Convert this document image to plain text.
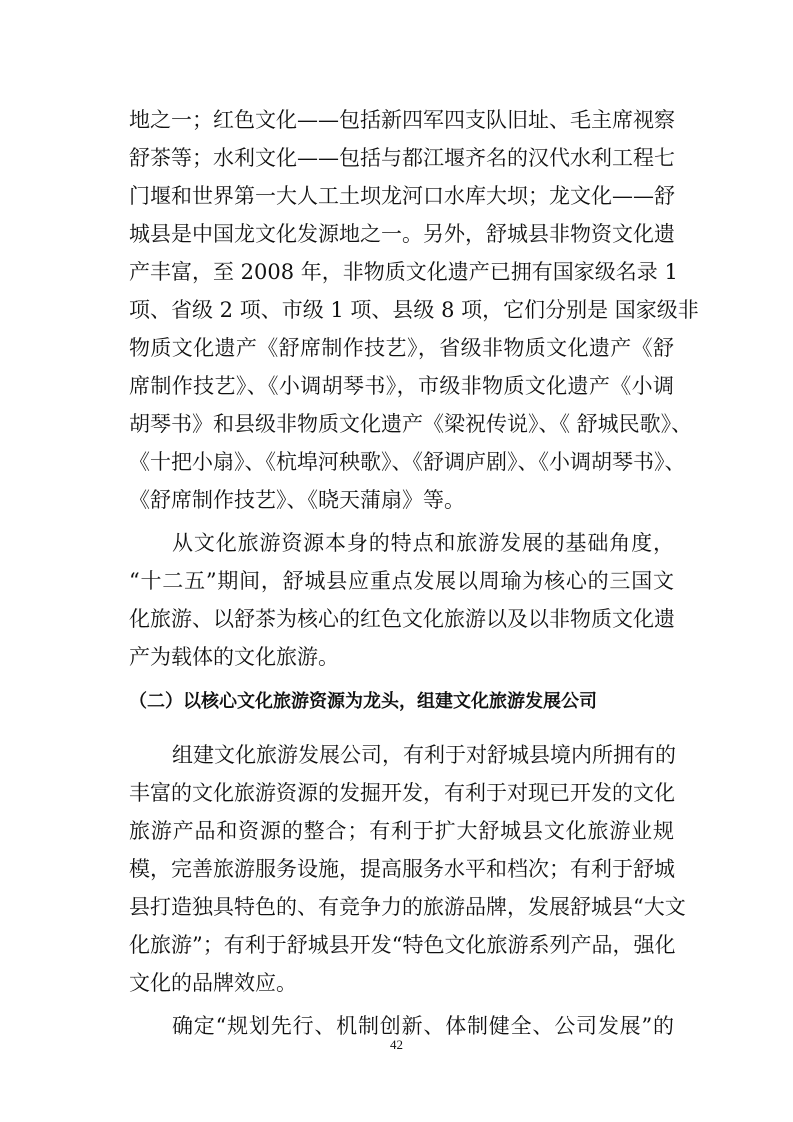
地之一；红色文化——包括新四军四支队旧址、毛主席视察
舒茶等；水利文化——包括与都江堰齐名的汉代水利工程七
门堰和世界第一大人工土坝龙河口水库大坝；龙文化——舒
城县是中国龙文化发源地之一。另外，舒城县非物资文化遗
产丰富，至 2008 年，非物质文化遗产已拥有国家级名录 1
项、省级 2 项、市级 1 项、县级 8 项，它们分别是 国家级非
物质文化遗产《舒席制作技艺》，省级非物质文化遗产《舒
席制作技艺》、《小调胡琴书》，市级非物质文化遗产《小调
胡琴书》和县级非物质文化遗产《梁祝传说》、《 舒城民歌》、
《十把小扇》、《杭埠河秧歌》、《舒调庐剧》、《小调胡琴书》、
《舒席制作技艺》、《晓天蒲扇》等。
从文化旅游资源本身的特点和旅游发展的基础角度，
“十二五”期间，舒城县应重点发展以周瑜为核心的三国文
化旅游、以舒茶为核心的红色文化旅游以及以非物质文化遗
产为载体的文化旅游。
（二）以核心文化旅游资源为龙头，组建文化旅游发展公司
组建文化旅游发展公司，有利于对舒城县境内所拥有的
丰富的文化旅游资源的发掘开发，有利于对现已开发的文化
旅游产品和资源的整合；有利于扩大舒城县文化旅游业规
模，完善旅游服务设施，提高服务水平和档次；有利于舒城
县打造独具特色的、有竞争力的旅游品牌，发展舒城县“大文
化旅游”；有利于舒城县开发“特色文化旅游系列产品，强化
文化的品牌效应。
确定“规划先行、机制创新、体制健全、公司发展”的
42
